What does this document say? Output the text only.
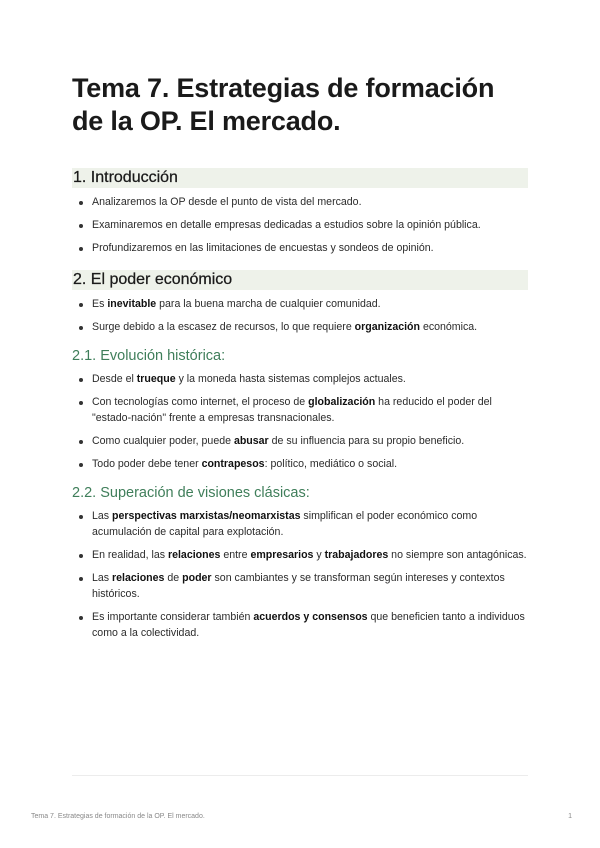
Tema 7. Estrategias de formación de la OP. El mercado.
1. Introducción
Analizaremos la OP desde el punto de vista del mercado.
Examinaremos en detalle empresas dedicadas a estudios sobre la opinión pública.
Profundizaremos en las limitaciones de encuestas y sondeos de opinión.
2. El poder económico
Es inevitable para la buena marcha de cualquier comunidad.
Surge debido a la escasez de recursos, lo que requiere organización económica.
2.1. Evolución histórica:
Desde el trueque y la moneda hasta sistemas complejos actuales.
Con tecnologías como internet, el proceso de globalización ha reducido el poder del "estado-nación" frente a empresas transnacionales.
Como cualquier poder, puede abusar de su influencia para su propio beneficio.
Todo poder debe tener contrapesos: político, mediático o social.
2.2. Superación de visiones clásicas:
Las perspectivas marxistas/neomarxistas simplifican el poder económico como acumulación de capital para explotación.
En realidad, las relaciones entre empresarios y trabajadores no siempre son antagónicas.
Las relaciones de poder son cambiantes y se transforman según intereses y contextos históricos.
Es importante considerar también acuerdos y consensos que beneficien tanto a individuos como a la colectividad.
Tema 7. Estrategias de formación de la OP. El mercado.	1
